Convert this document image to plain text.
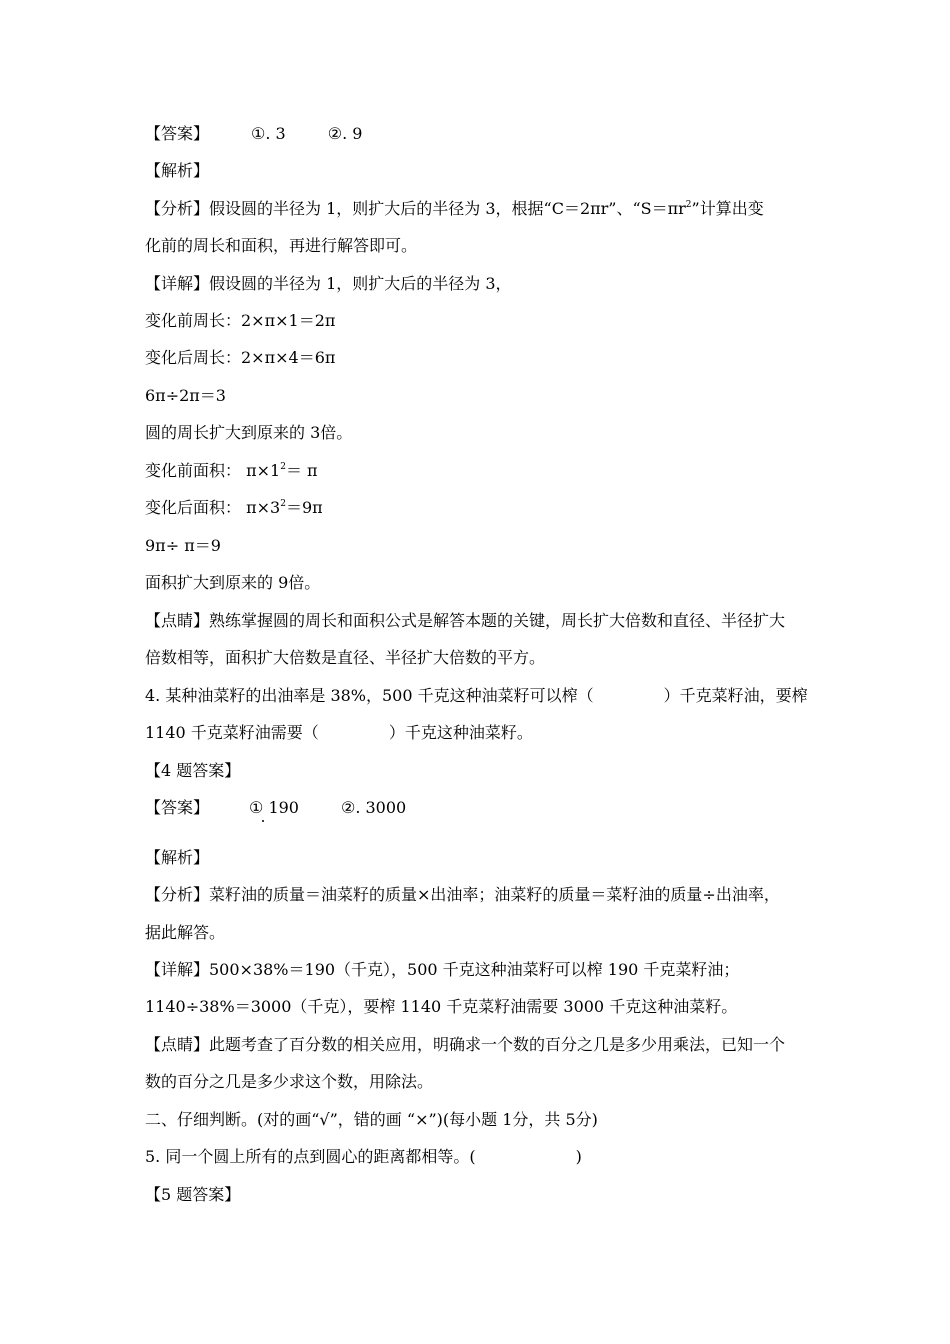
【答案】	①. 3	②. 9
【解析】
【分析】假设圆的半径为 1，则扩大后的半径为 3，根据“C＝2πr”、“$S=\pi r^2$”计算出变
化前的周长和面积，再进行解答即可。
【详解】假设圆的半径为 1，则扩大后的半径为 3，
变化前周长：2×π×1＝2π
变化后周长：2×π×4＝6π
6π÷2π＝3
圆的周长扩大到原来的 3倍。
变化前面积： $\pi\times 1^2= \pi$
变化后面积： $\pi\times 3^2=9\pi$
9π÷ π＝9
面积扩大到原来的 9倍。
【点睛】熟练掌握圆的周长和面积公式是解答本题的关键，周长扩大倍数和直径、半径扩大
倍数相等，面积扩大倍数是直径、半径扩大倍数的平方。
4. 某种油菜籽的出油率是 38%，500 千克这种油菜籽可以榨（	）千克菜籽油，要榨
1140 千克菜籽油需要（	）千克这种油菜籽。
【4 题答案】
【答案】	① 190	②. 3000
【解析】
【分析】菜籽油的质量＝油菜籽的质量×出油率；油菜籽的质量＝菜籽油的质量÷出油率，
据此解答。
【详解】500×38%＝190（千克），500 千克这种油菜籽可以榨 190 千克菜籽油；
1140÷38%＝3000（千克），要榨 1140 千克菜籽油需要 3000 千克这种油菜籽。
【点睛】此题考查了百分数的相关应用，明确求一个数的百分之几是多少用乘法，已知一个
数的百分之几是多少求这个数，用除法。
二、仔细判断。(对的画“√”，错的画 “×”)(每小题 1分，共 5分)
5. 同一个圆上所有的点到圆心的距离都相等。(	)
【5 题答案】
